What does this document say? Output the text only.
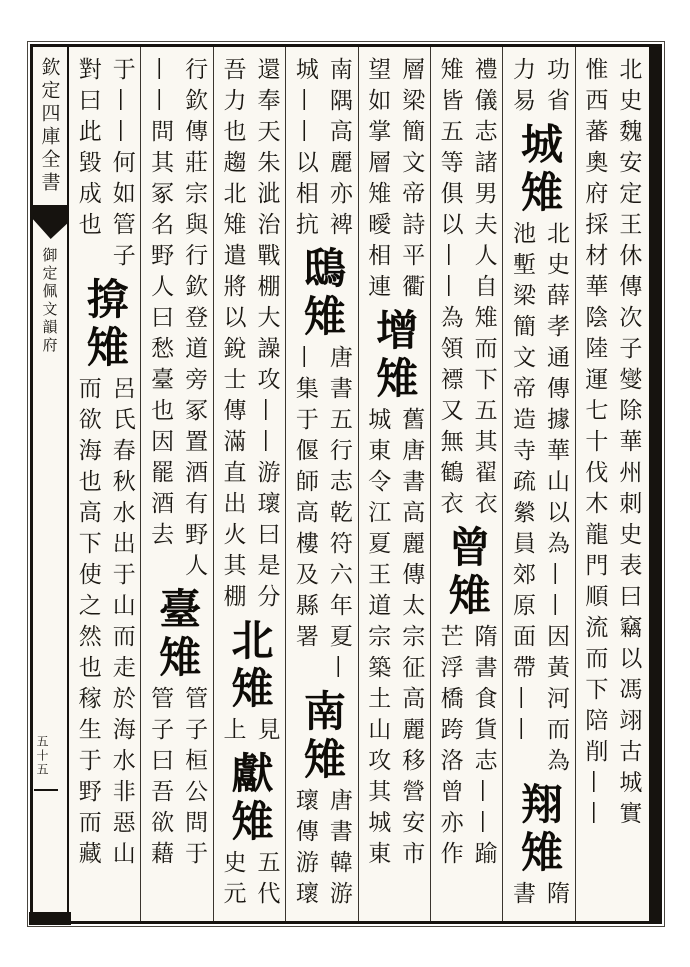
欽定四庫全書
御定佩文韻府
五十五	北史魏安定王休傳次子燮除華州刺史表曰竊以馮翊古城實
惟西蕃奧府採材華陰陸運七十伐木龍門順流而下陪削——
功省
力易
城雉
北史薛孝通傳據華山以為——因黃河而為
池塹梁簡文帝造寺疏縈員郊原面帶——
翔雉
隋
書
禮儀志諸男夫人自雉而下五其翟衣
雉皆五等俱以——為領褾又無鶴衣
曾雉
隋書食貨志——踰
芒浮橋跨洛曾亦作
層梁簡文帝詩平衢
望如掌層雉曖相連
增雉
舊唐書高麗傳太宗征高麗移營安市
城東令江夏王道宗築土山攻其城東
南隅高麗亦裨
城——以相抗
鴟雉
唐書五行志乾符六年夏—
—集于偃師高樓及縣署
南雉
唐書韓游
瓌傳游瓌
還奉天朱泚治戰棚大譟攻——游瓌曰是分
吾力也趨北雉遣將以銳士傳滿直出火其棚
北雉
見
上
獻雉
五代
史元
行欽傳莊宗與行欽登道旁冢置酒有野人
——問其冢名野人曰愁臺也因罷酒去
臺雉
管子桓公問于
管子曰吾欲藉
于——何如管子
對曰此毀成也
揜雉
呂氏春秋水出于山而走於海水非惡山
而欲海也高下使之然也稼生于野而藏
